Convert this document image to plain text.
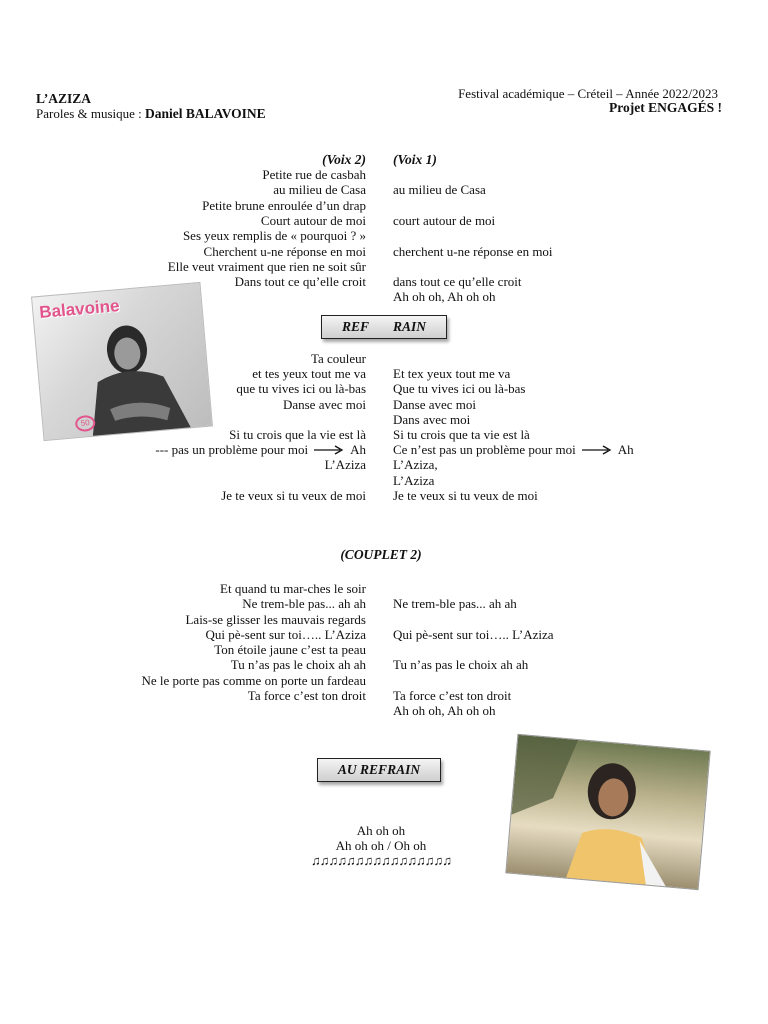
L’AZIZA
Paroles & musique : Daniel BALAVOINE
Festival académique – Créteil – Année 2022/2023
Projet ENGAGÉS !
(Voix 2) (Voix 1)
Petite rue de casbah
au milieu de Casa
Petite brune enroulée d’un drap
Court autour de moi
Ses yeux remplis de « pourquoi ? »
Cherchent u-ne réponse en moi
Elle veut vraiment que rien ne soit sûr
Dans tout ce qu’elle croit
au milieu de Casa
court autour de moi
cherchent u-ne réponse en moi
dans tout ce qu’elle croit
Ah oh oh, Ah oh oh
Balavoine
50
REF RAIN
Ta couleur
et tes yeux tout me va
que tu vives ici ou là-bas
Danse avec moi
Si tu crois que la vie est là
--- pas un problème pour moi	Ah
L’Aziza
Je te veux si tu veux de moi
Et tex yeux tout me va
Que tu vives ici ou là-bas
Danse avec moi
Dans avec moi
Si tu crois que ta vie est là
Ce n’est pas un problème pour moi	Ah
L’Aziza,
L’Aziza
Je te veux si tu veux de moi
(COUPLET 2)
Et quand tu mar-ches le soir
Ne trem-ble pas... ah ah
Lais-se glisser les mauvais regards
Qui pè-sent sur toi….. L’Aziza
Ton étoile jaune c’est ta peau
Tu n’as pas le choix ah ah
Ne le porte pas comme on porte un fardeau
Ta force c’est ton droit
Ne trem-ble pas... ah ah
Qui pè-sent sur toi….. L’Aziza
Tu n’as pas le choix ah ah
Ta force c’est ton droit
Ah oh oh, Ah oh oh
AU REFRAIN
Ah oh oh
Ah oh oh / Oh oh
♫♫♫♫♫♫♫♫♫♫♫♫♫♫♫♫
